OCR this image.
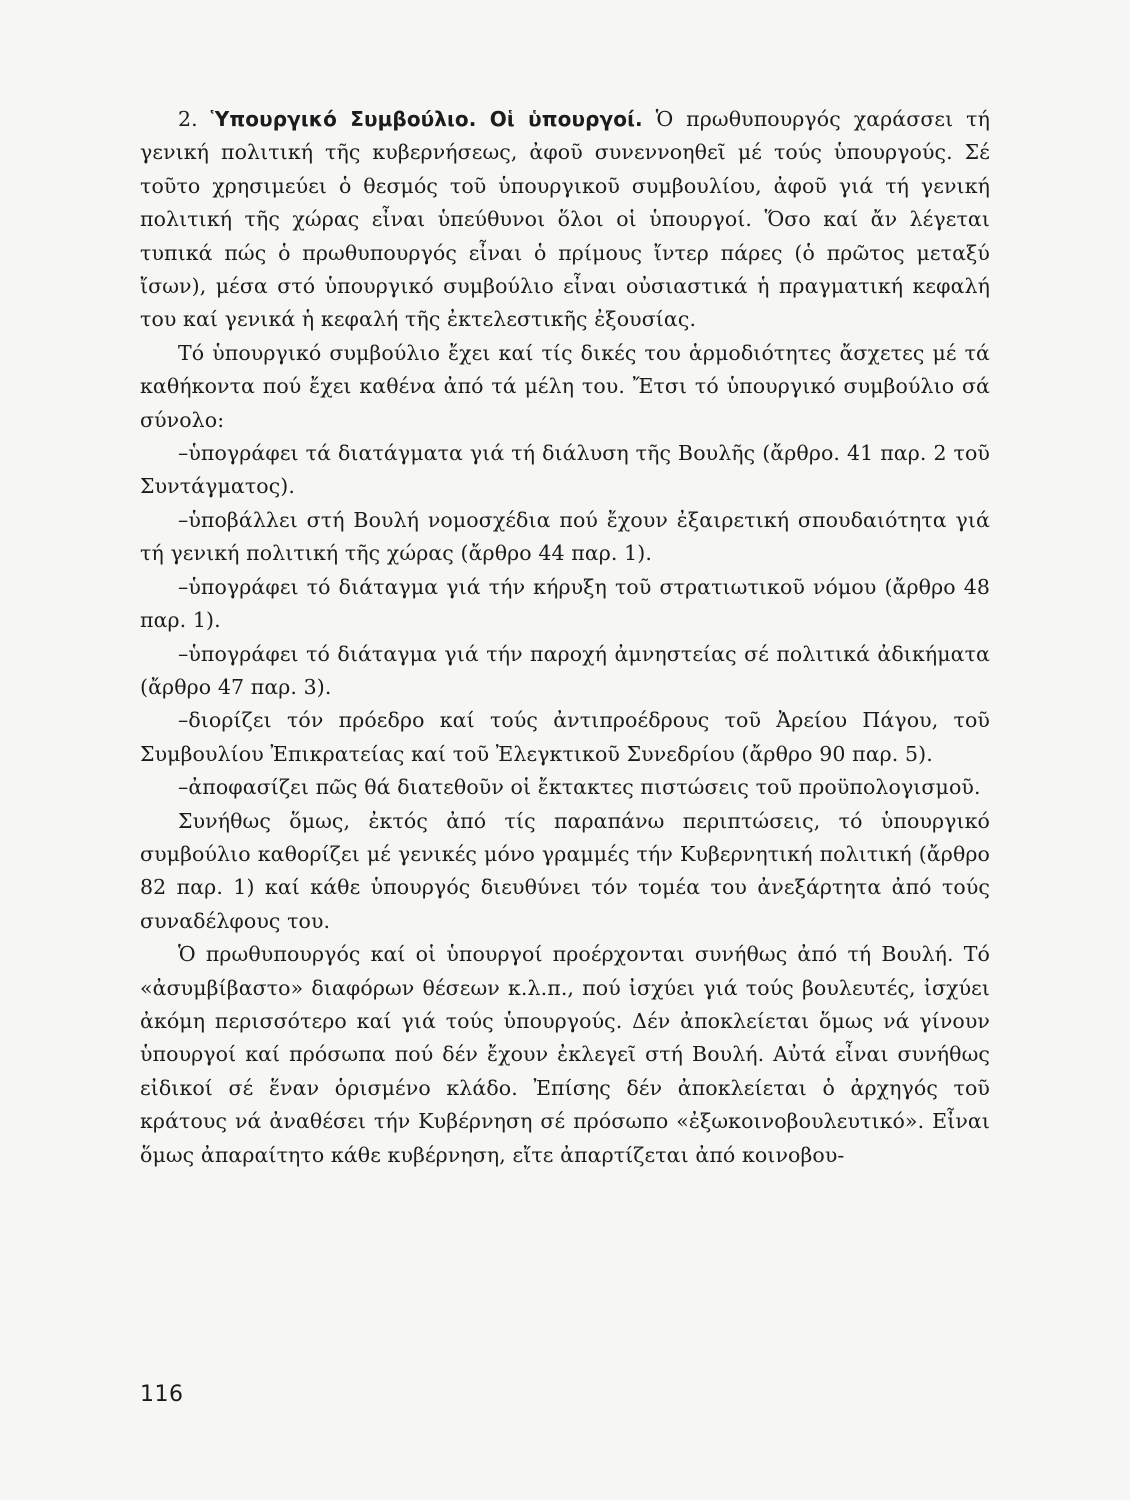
2. Ὑπουργικό Συμβούλιο. Οἱ ὑπουργοί. Ὁ πρωθυπουργός χαράσσει τή γενική πολιτική τῆς κυβερνήσεως, ἀφοῦ συνεννοηθεῖ μέ τούς ὑπουργούς. Σέ τοῦτο χρησιμεύει ὁ θεσμός τοῦ ὑπουργικοῦ συμβουλίου, ἀφοῦ γιά τή γενική πολιτική τῆς χώρας εἶναι ὑπεύθυνοι ὅλοι οἱ ὑπουργοί. Ὅσο καί ἄν λέγεται τυπικά πώς ὁ πρωθυπουργός εἶναι ὁ πρίμους ἴντερ πάρες (ὁ πρῶτος μεταξύ ἴσων), μέσα στό ὑπουργικό συμβούλιο εἶναι οὐσιαστικά ἡ πραγματική κεφαλή του καί γενικά ἡ κεφαλή τῆς ἐκτελεστικῆς ἐξουσίας.

Τό ὑπουργικό συμβούλιο ἔχει καί τίς δικές του ἁρμοδιότητες ἄσχετες μέ τά καθήκοντα πού ἔχει καθένα ἀπό τά μέλη του. Ἔτσι τό ὑπουργικό συμβούλιο σά σύνολο:

–ὑπογράφει τά διατάγματα γιά τή διάλυση τῆς Βουλῆς (ἄρθρο. 41 παρ. 2 τοῦ Συντάγματος).

–ὑποβάλλει στή Βουλή νομοσχέδια πού ἔχουν ἐξαιρετική σπουδαιότητα γιά τή γενική πολιτική τῆς χώρας (ἄρθρο 44 παρ. 1).

–ὑπογράφει τό διάταγμα γιά τήν κήρυξη τοῦ στρατιωτικοῦ νόμου (ἄρθρο 48 παρ. 1).

–ὑπογράφει τό διάταγμα γιά τήν παροχή ἀμνηστείας σέ πολιτικά ἀδικήματα (ἄρθρο 47 παρ. 3).

–διορίζει τόν πρόεδρο καί τούς ἀντιπροέδρους τοῦ Ἀρείου Πάγου, τοῦ Συμβουλίου Ἐπικρατείας καί τοῦ Ἐλεγκτικοῦ Συνεδρίου (ἄρθρο 90 παρ. 5).

–ἀποφασίζει πῶς θά διατεθοῦν οἱ ἔκτακτες πιστώσεις τοῦ προϋπολογισμοῦ.

Συνήθως ὅμως, ἐκτός ἀπό τίς παραπάνω περιπτώσεις, τό ὑπουργικό συμβούλιο καθορίζει μέ γενικές μόνο γραμμές τήν Κυβερνητική πολιτική (ἄρθρο 82 παρ. 1) καί κάθε ὑπουργός διευθύνει τόν τομέα του ἀνεξάρτητα ἀπό τούς συναδέλφους του.

Ὁ πρωθυπουργός καί οἱ ὑπουργοί προέρχονται συνήθως ἀπό τή Βουλή. Τό «ἀσυμβίβαστο» διαφόρων θέσεων κ.λ.π., πού ἰσχύει γιά τούς βουλευτές, ἰσχύει ἀκόμη περισσότερο καί γιά τούς ὑπουργούς. Δέν ἀποκλείεται ὅμως νά γίνουν ὑπουργοί καί πρόσωπα πού δέν ἔχουν ἐκλεγεῖ στή Βουλή. Αὐτά εἶναι συνήθως εἰδικοί σέ ἕναν ὁρισμένο κλάδο. Ἐπίσης δέν ἀποκλείεται ὁ ἀρχηγός τοῦ κράτους νά ἀναθέσει τήν Κυβέρνηση σέ πρόσωπο «ἐξωκοινοβουλευτικό». Εἶναι ὅμως ἀπαραίτητο κάθε κυβέρνηση, εἴτε ἀπαρτίζεται ἀπό κοινοβου-

116
